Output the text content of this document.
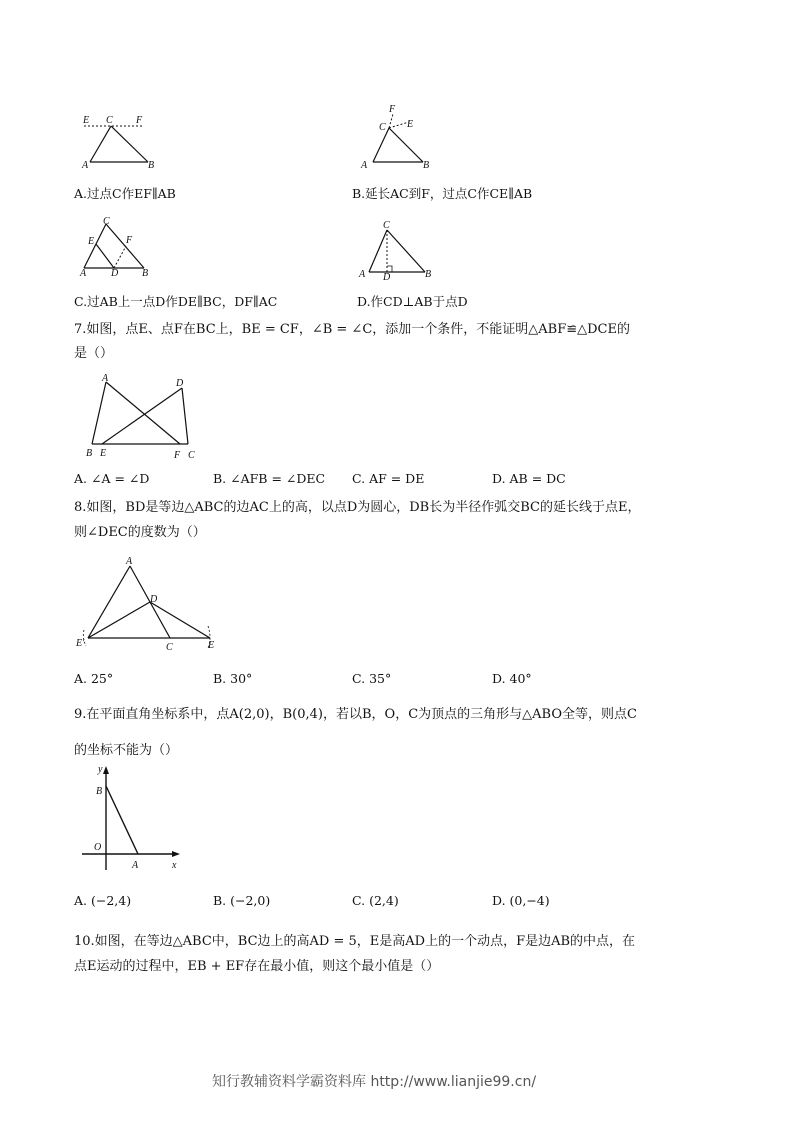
E C F
A	B
F
C E
A	B
A.过点C作EF∥AB	B.延长AC到F，过点C作CE∥AB
C
E	F
A D B
C
A D	B
C.过AB上一点D作DE∥BC，DF∥AC	D.作CD⊥AB于点D
7.如图，点E、点F在BC上，BE = CF，∠B = ∠C，添加一个条件，不能证明△ABF≌△DCE的
是（）
A	D
B E	F C
A. ∠A = ∠D	B. ∠AFB = ∠DEC C. AF = DE	D. AB = DC
8.如图，BD是等边△ABC的边AC上的高，以点D为圆心，DB长为半径作弧交BC的延长线于点E，
则∠DEC的度数为（）
A
D
E'	C	E
A. 25°	B. 30°	C. 35°	D. 40°
9.在平面直角坐标系中，点A(2,0)，B(0,4)，若以B，O，C为顶点的三角形与△ABO全等，则点C
的坐标不能为（）
y
B
O
A	x
A. (−2,4)	B. (−2,0)	C. (2,4)	D. (0,−4)
10.如图，在等边△ABC中，BC边上的高AD = 5，E是高AD上的一个动点，F是边AB的中点，在
点E运动的过程中，EB + EF存在最小值，则这个最小值是（）
知行教辅资料学霸资料库 http://www.lianjie99.cn/
